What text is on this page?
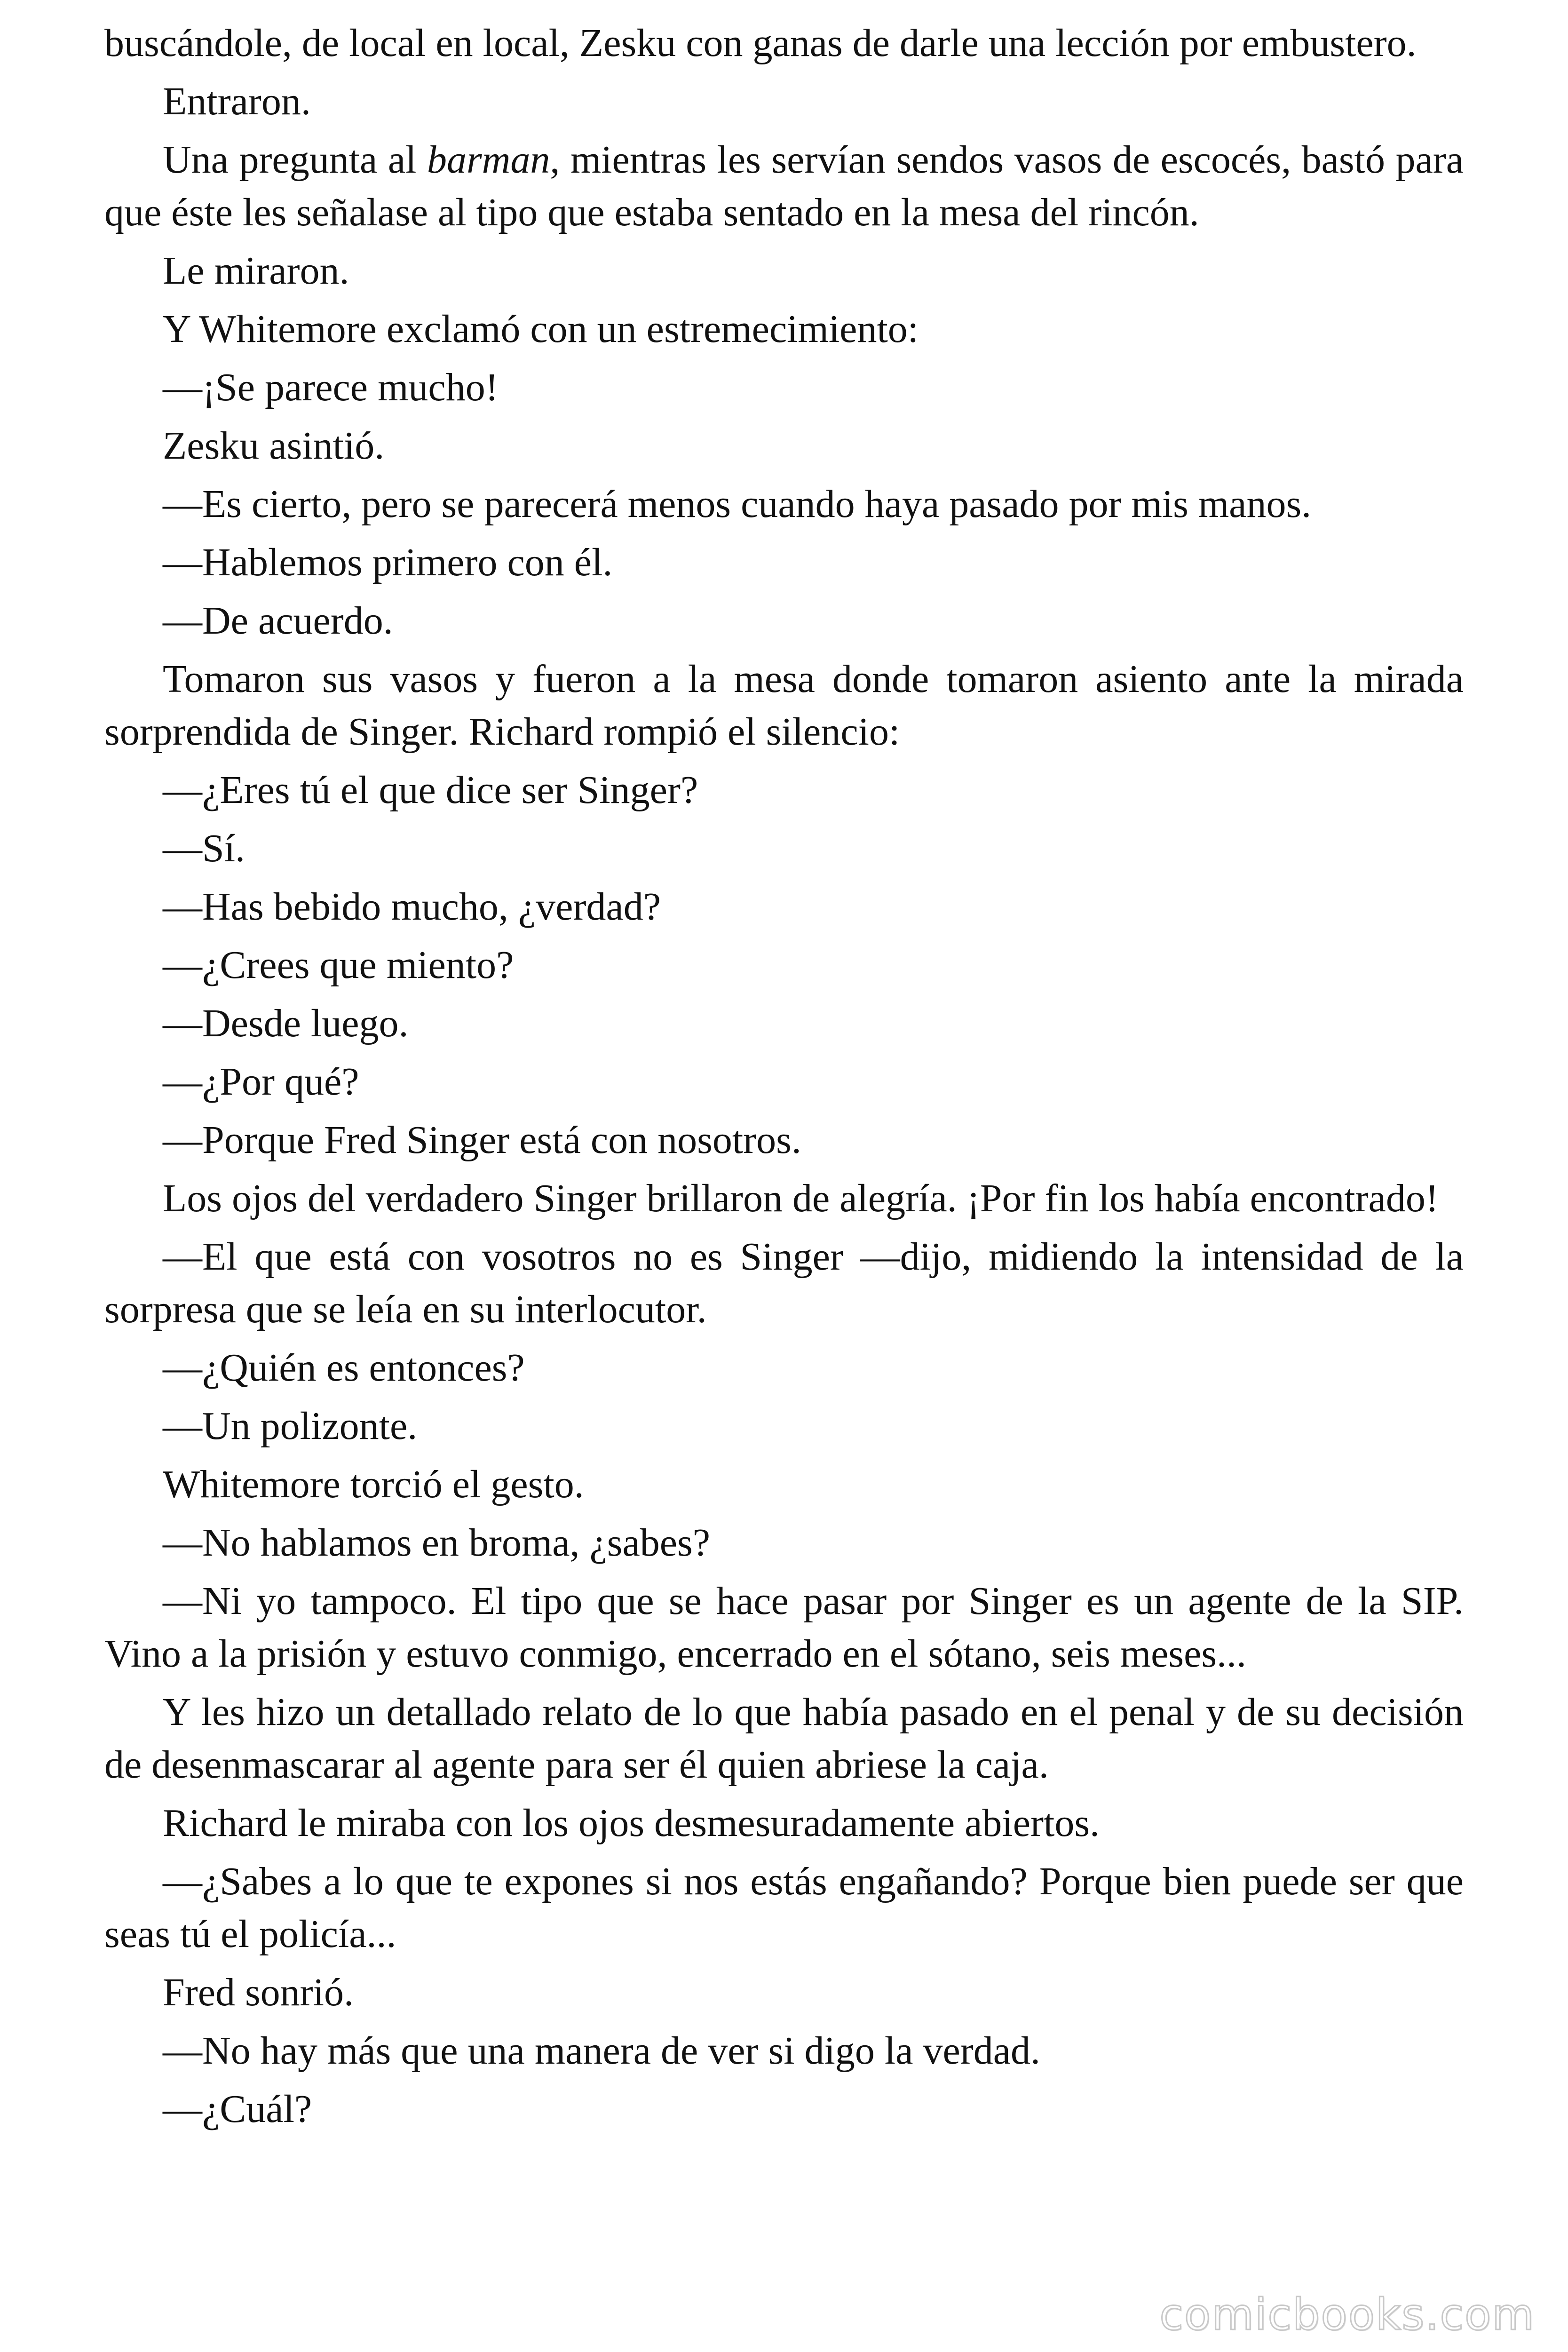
buscándole, de local en local, Zesku con ganas de darle una lección por embustero.

Entraron.

Una pregunta al barman, mientras les servían sendos vasos de escocés, bastó para que éste les señalase al tipo que estaba sentado en la mesa del rincón.

Le miraron.

Y Whitemore exclamó con un estremecimiento:

—¡Se parece mucho!

Zesku asintió.

—Es cierto, pero se parecerá menos cuando haya pasado por mis manos.

—Hablemos primero con él.

—De acuerdo.

Tomaron sus vasos y fueron a la mesa donde tomaron asiento ante la mirada sorprendida de Singer. Richard rompió el silencio:

—¿Eres tú el que dice ser Singer?

—Sí.

—Has bebido mucho, ¿verdad?

—¿Crees que miento?

—Desde luego.

—¿Por qué?

—Porque Fred Singer está con nosotros.

Los ojos del verdadero Singer brillaron de alegría. ¡Por fin los había encontrado!

—El que está con vosotros no es Singer —dijo, midiendo la intensidad de la sorpresa que se leía en su interlocutor.

—¿Quién es entonces?

—Un polizonte.

Whitemore torció el gesto.

—No hablamos en broma, ¿sabes?

—Ni yo tampoco. El tipo que se hace pasar por Singer es un agente de la SIP. Vino a la prisión y estuvo conmigo, encerrado en el sótano, seis meses...

Y les hizo un detallado relato de lo que había pasado en el penal y de su decisión de desenmascarar al agente para ser él quien abriese la caja.

Richard le miraba con los ojos desmesuradamente abiertos.

—¿Sabes a lo que te expones si nos estás engañando? Porque bien puede ser que seas tú el policía...

Fred sonrió.

—No hay más que una manera de ver si digo la verdad.

—¿Cuál?

comicbooks.com
